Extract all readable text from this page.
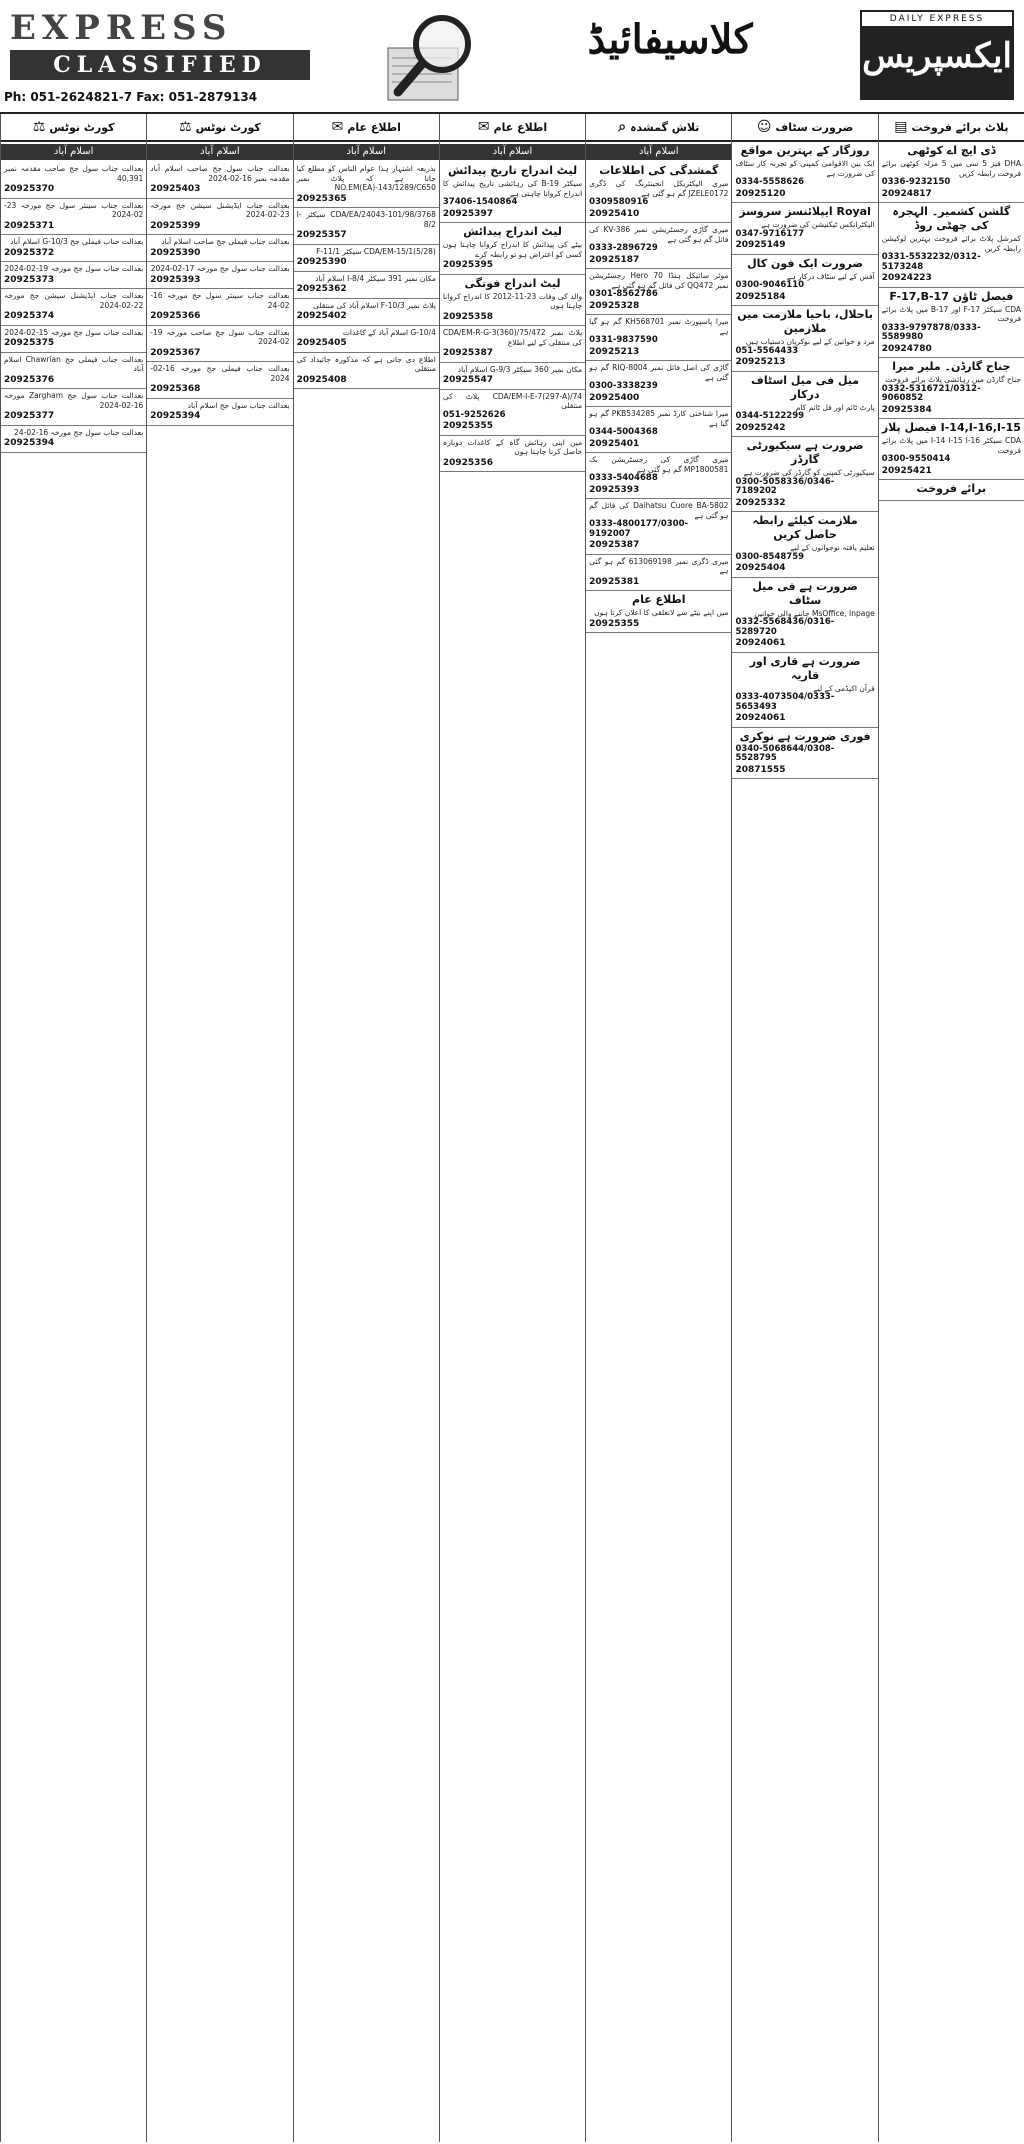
EXPRESS
CLASSIFIED
Ph: 051-2624821-7 Fax: 051-2879134
کلاسیفائیڈ	DAILY EXPRESS
ایکسپریس
پلاٹ برائے فروخت
▤
ڈی ایچ اے کوٹھی
DHA فیز 5 سی میں 5 مرلہ کوٹھی برائے فروخت رابطہ کریں
0336-9232150
20924817
گلشن کشمیر۔ الہجرہ کی چھٹی روڈ
کمرشل پلاٹ برائے فروخت بہترین لوکیشن رابطہ کریں
0331-5532232/0312-5173248
20924223
فیصل ٹاؤن F-17,B-17
CDA سیکٹر F-17 اور B-17 میں پلاٹ برائے فروخت
0333-9797878/0333-5589980
20924780
جناح گارڈن۔ ملیر میرا
جناح گارڈن میں رہائشی پلاٹ برائے فروخت
0332-5316721/0312-9060852
20925384
I-14,I-16,I-15 فیصل پلاز
CDA سیکٹر I-14 I-15 I-16 میں پلاٹ برائے فروخت
0300-9550414
20925421
برائے فروخت
ضرورت سٹاف
☺
روزگار کے بہترین مواقع
ایک بین الاقوامی کمپنی کو تجربہ کار سٹاف کی ضرورت ہے
0334-5558626
20925120
Royal ایپلائنسز سروسز
الیکٹرانکس ٹیکنیشن کی ضرورت ہے
0347-9716177
20925149
ضرورت ایک فون کال
آفس کے لیے سٹاف درکار ہے
0300-9046110
20925184
باحلال، باحیا ملازمت میں ملازمین
مرد و خواتین کے لیے نوکریاں دستیاب ہیں
051-5564433
20925213
میل فی میل اسٹاف درکار
پارٹ ٹائم اور فل ٹائم کام
0344-5122299
20925242
ضرورت ہے سیکیورٹی گارڈز
سیکیورٹی کمپنی کو گارڈز کی ضرورت ہے
0300-5058336/0346-7189202
20925332
ملازمت کیلئے رابطہ حاصل کریں
تعلیم یافتہ نوجوانوں کے لیے
0300-8548759
20925404
ضرورت ہے فی میل سٹاف
MsOffice, Inpage جاننے والی خواتین
0332-5568436/0316-5289720
20924061
ضرورت ہے قاری اور قاریہ
قرآن اکیڈمی کے لیے
0333-4073504/0333-5653493
20924061
فوری ضرورت ہے نوکری
0340-5068644/0308-5528795
20871555
تلاش گمشدہ
⌕
اسلام آباد
گمشدگی کی اطلاعات
میری الیکٹریکل انجینئرنگ کی ڈگری JZELE0172 گم ہو گئی ہے
0309580916
20925410
میری گاڑی رجسٹریشن نمبر KV-386 کی فائل گم ہو گئی ہے
0333-2896729
20925187
موٹر سائیکل ہنڈا 70 Hero رجسٹریشن نمبر QQ472 کی فائل گم ہو گئی ہے
0301-8562786
20925328
میرا پاسپورٹ نمبر KH568701 گم ہو گیا ہے
0331-9837590
20925213
گاڑی کی اصل فائل نمبر RIQ-8004 گم ہو گئی ہے
0300-3338239
20925400
میرا شناختی کارڈ نمبر PKB534285 گم ہو گیا ہے
0344-5004368
20925401
میری گاڑی کی رجسٹریشن بک MP1800581 گم ہو گئی ہے
0333-5404688
20925393
Daihatsu Cuore BA-5802 کی فائل گم ہو گئی ہے
0333-4800177/0300-9192007
20925387
میری ڈگری نمبر 613069198 گم ہو گئی ہے
20925381
اطلاع عام
میں اپنے بیٹے سے لاتعلقی کا اعلان کرتا ہوں
20925355
اطلاع عام
✉
اسلام آباد
لیٹ اندراج تاریخ پیدائش
سیکٹر B-19 کی رہائشی تاریخ پیدائش کا اندراج کروانا چاہتی ہے
37406-1540864
20925397
لیٹ اندراج پیدائش
بیٹے کی پیدائش کا اندراج کروانا چاہتا ہوں کسی کو اعتراض ہو تو رابطہ کرے
20925395
لیٹ اندراج فوتگی
والد کی وفات 23-11-2012 کا اندراج کروانا چاہتا ہوں
20925358
پلاٹ نمبر CDA/EM-R-G-3(360)/75/472 کی منتقلی کے لیے اطلاع
20925387
مکان نمبر 360 سیکٹر G-9/3 اسلام آباد
20925547
CDA/EM-I-E-7(297-A)/74 پلاٹ کی منتقلی
051-9252626
20925355
میں اپنی رہائش گاہ کے کاغذات دوبارہ حاصل کرنا چاہتا ہوں
20925356
اطلاع عام
✉
اسلام آباد
بذریعہ اشتہار ہذا عوام الناس کو مطلع کیا جاتا ہے کہ پلاٹ نمبر NO.EM(EA)-143/1289/C650
20925365
CDA/EA/24043-101/98/3768 سیکٹر I-8/2
20925357
CDA/EM-15/1(5/28) سیکٹر F-11/1
20925390
مکان نمبر 391 سیکٹر I-8/4 اسلام آباد
20925362
پلاٹ نمبر F-10/3 اسلام آباد کی منتقلی
20925402
G-10/4 اسلام آباد کے کاغذات
20925405
اطلاع دی جاتی ہے کہ مذکورہ جائیداد کی منتقلی
20925408
کورٹ نوٹس
⚖
اسلام آباد
بعدالت جناب سول جج صاحب اسلام آباد مقدمہ نمبر 16-02-2024
20925403
بعدالت جناب ایڈیشنل سیشن جج مورخہ 23-02-2024
20925399
بعدالت جناب فیملی جج صاحب اسلام آباد
20925390
بعدالت جناب سول جج مورخہ 17-02-2024
20925393
بعدالت جناب سینئر سول جج مورخہ 16-02-24
20925366
بعدالت جناب سول جج صاحب مورخہ 19-02-2024
20925367
بعدالت جناب فیملی جج مورخہ 16-02-2024
20925368
بعدالت جناب سول جج اسلام آباد
20925394
کورٹ نوٹس
⚖
اسلام آباد
بعدالت جناب سول جج صاحب مقدمہ نمبر 40,391
20925370
بعدالت جناب سینئر سول جج مورخہ 23-02-2024
20925371
بعدالت جناب فیملی جج G-10/3 اسلام آباد
20925372
بعدالت جناب سول جج مورخہ 19-02-2024
20925373
بعدالت جناب ایڈیشنل سیشن جج مورخہ 22-02-2024
20925374
بعدالت جناب سول جج مورخہ 15-02-2024
20925375
بعدالت جناب فیملی جج Chawrian اسلام آباد
20925376
بعدالت جناب سول جج Zargham مورخہ 16-02-2024
20925377
بعدالت جناب سول جج مورخہ 16-02-24
20925394
